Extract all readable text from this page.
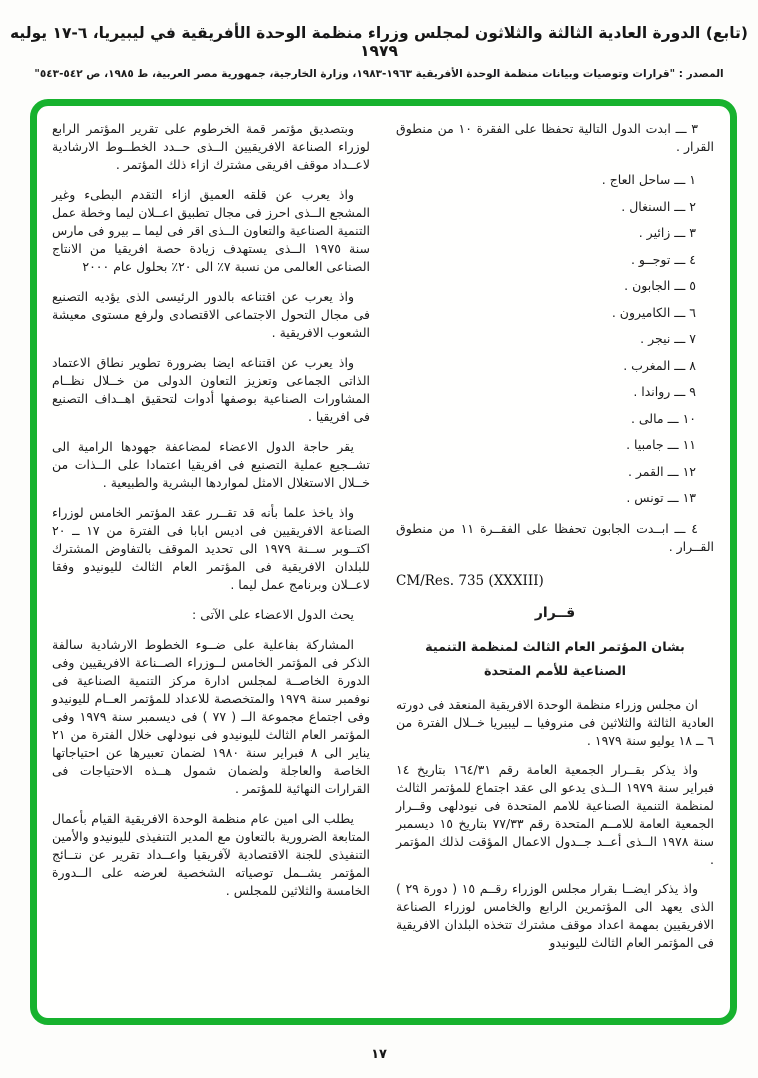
(تابع) الدورة العادية الثالثة والثلاثون لمجلس وزراء منظمة الوحدة الأفريقية في ليبيريا، ٦-١٧ يوليه ١٩٧٩
المصدر : "قرارات وتوصيات وبيانات منظمة الوحدة الأفريقية ١٩٦٣-١٩٨٣، وزارة الخارجية، جمهورية مصر العربية، ط ١٩٨٥، ص ٥٤٢-٥٤٣"

٣ ـــ ابدت الدول التالية تحفظا على الفقرة ١٠ من منطوق القرار .

١ ـــ ساحل العاج .
٢ ـــ السنغال .
٣ ـــ زائير .
٤ ـــ توجــو .
٥ ـــ الجابون .
٦ ـــ الكاميرون .
٧ ـــ نيجر .
٨ ـــ المغرب .
٩ ـــ رواندا .
١٠ ـــ مالى .
١١ ـــ جامبيا .
١٢ ـــ القمر .
١٣ ـــ تونس .

٤ ـــ ابــدت الجابون تحفظا على الفقــرة ١١ من منطوق القــرار .

CM/Res. 735 (XXXIII)
قــرار
بشان المؤتمر العام الثالث لمنظمة التنمية
الصناعية للأمم المتحدة

ان مجلس وزراء منظمة الوحدة الافريقية المنعقد فى دورته العادية الثالثة والثلاثين فى منروفيا ــ ليبيريا خــلال الفترة من ٦ ــ ١٨ يوليو سنة ١٩٧٩ .

واذ يذكر بقــرار الجمعية العامة رقم ١٦٤/٣١ بتاريخ ١٤ فبراير سنة ١٩٧٩ الــذى يدعو الى عقد اجتماع للمؤتمر الثالث لمنظمة التنمية الصناعية للامم المتحدة فى نيودلهى وقــرار الجمعية العامة للامــم المتحدة رقم ٧٧/٣٣ بتاريخ ١٥ ديسمبر سنة ١٩٧٨ الــذى أعــد جــدول الاعمال المؤقت لذلك المؤتمر .

واذ يذكر ايضــا بقرار مجلس الوزراء رقــم ١٥ ( دورة ٢٩ ) الذى يعهد الى المؤتمرين الرابع والخامس لوزراء الصناعة الافريقيين بمهمة اعداد موقف مشترك تتخذه البلدان الافريقية فى المؤتمر العام الثالث لليونيدو

وبتصديق مؤتمر قمة الخرطوم على تقرير المؤتمر الرابع لوزراء الصناعة الافريقيين الــذى حــدد الخطــوط الارشادية لاعــداد موقف افريقى مشترك ازاء ذلك المؤتمر .

واذ يعرب عن قلقه العميق ازاء التقدم البطىء وغير المشجع الــذى احرز فى مجال تطبيق اعــلان ليما وخطة عمل التنمية الصناعية والتعاون الــذى اقر فى ليما ــ بيرو فى مارس سنة ١٩٧٥ الــذى يستهدف زيادة حصة افريقيا من الانتاج الصناعى العالمى من نسبة ٧٪ الى ٢٠٪ بحلول عام ٢٠٠٠

واذ يعرب عن اقتناعه بالدور الرئيسى الذى يؤديه التصنيع فى مجال التحول الاجتماعى الاقتصادى ولرفع مستوى معيشة الشعوب الافريقية .

واذ يعرب عن اقتناعه ايضا بضرورة تطوير نطاق الاعتماد الذاتى الجماعى وتعزيز التعاون الدولى من خــلال نظــام المشاورات الصناعية بوصفها أدوات لتحقيق اهــداف التصنيع فى افريقيا .

يقر حاجة الدول الاعضاء لمضاعفة جهودها الرامية الى تشــجيع عملية التصنيع فى افريقيا اعتمادا على الــذات من خــلال الاستغلال الامثل لمواردها البشرية والطبيعية .

واذ ياخذ علما بأنه قد تقــرر عقد المؤتمر الخامس لوزراء الصناعة الافريقيين فى اديس ابابا فى الفترة من ١٧ ــ ٢٠ اكتــوبر ســنة ١٩٧٩ الى تحديد الموقف بالتفاوض المشترك للبلدان الافريقية فى المؤتمر العام الثالث لليونيدو وفقا لاعــلان وبرنامج عمل ليما .

يحث الدول الاعضاء على الآتى :

المشاركة بفاعلية على ضــوء الخطوط الارشادية سالفة الذكر فى المؤتمر الخامس لــوزراء الصــناعة الافريقيين وفى الدورة الخاصــة لمجلس ادارة مركز التنمية الصناعية فى نوفمبر سنة ١٩٧٩ والمتخصصة للاعداد للمؤتمر العــام لليونيدو وفى اجتماع مجموعة الــ ( ٧٧ ) فى ديسمبر سنة ١٩٧٩ وفى المؤتمر العام الثالث لليونيدو فى نيودلهى خلال الفترة من ٢١ يناير الى ٨ فبراير سنة ١٩٨٠ لضمان تعبيرها عن احتياجاتها الخاصة والعاجلة ولضمان شمول هــذه الاحتياجات فى القرارات النهائية للمؤتمر .

يطلب الى امين عام منظمة الوحدة الافريقية القيام بأعمال المتابعة الضرورية بالتعاون مع المدير التنفيذى لليونيدو والأمين التنفيذى للجنة الاقتصادية لآفريقيا واعــداد تقرير عن نتــائج المؤتمر يشــمل توصياته الشخصية لعرضه على الــدورة الخامسة والثلاثين للمجلس .

١٧
